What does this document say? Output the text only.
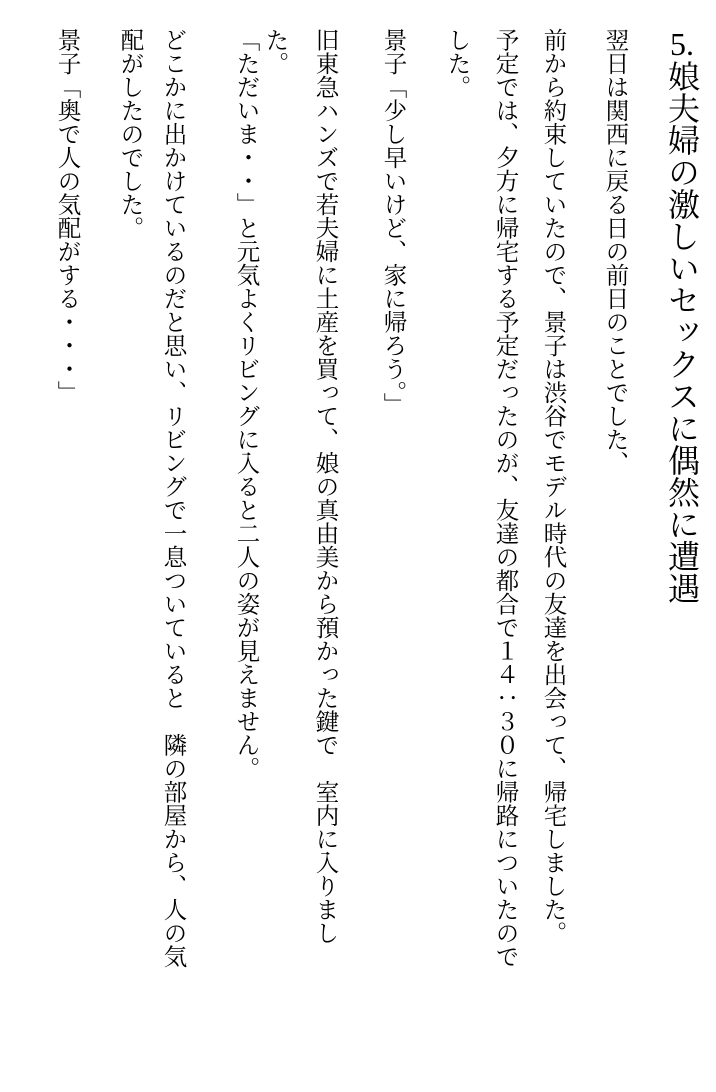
5.娘夫婦の激しいセックスに偶然に遭遇

翌日は関西に戻る日の前日のことでした、

前から約束していたので、景子は渋谷でモデル時代の友達を出会って、帰宅しました。

予定では、夕方に帰宅する予定だったのが、友達の都合で１４：３０に帰路についたので

した。

景子「少し早いけど、家に帰ろう。」

旧東急ハンズで若夫婦に土産を買って、娘の真由美から預かった鍵で　室内に入りまし

た。

「ただいま・・」と元気よくリビングに入ると二人の姿が見えません。

どこかに出かけているのだと思い、リビングで一息ついていると　隣の部屋から、人の気

配がしたのでした。

景子「奥で人の気配がする・・・」
